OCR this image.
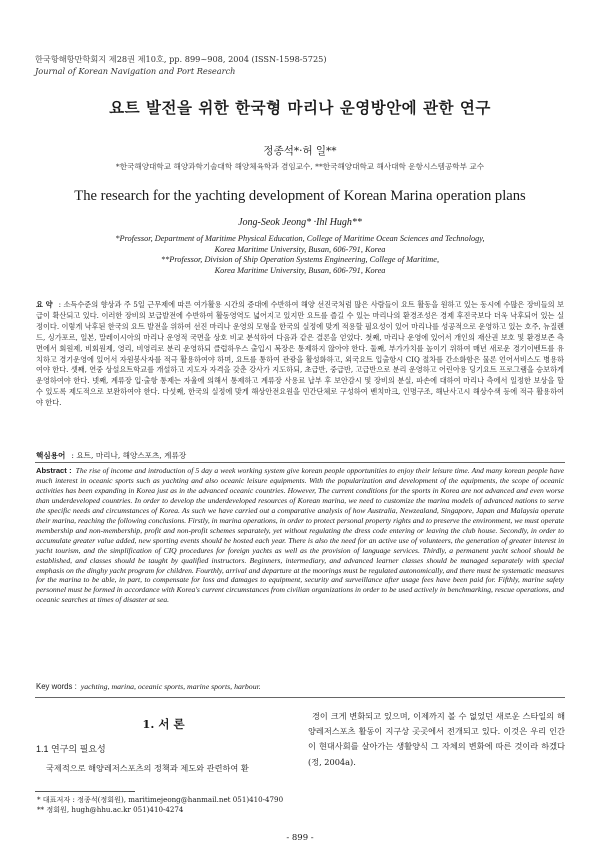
한국항해항만학회지 제28권 제10호, pp. 899~908, 2004 (ISSN-1598-5725)
Journal of Korean Navigation and Port Research
요트 발전을 위한 한국형 마리나 운영방안에 관한 연구
정종석*·허 일**
*한국해양대학교 해양과학기술대학 해양체육학과 겸임교수, **한국해양대학교 해사대학 운항시스템공학부 교수
The research for the yachting development of Korean Marina operation plans
Jong-Seok Jeong* ·Ihl Hugh**
*Professor, Department of Maritime Physical Education, College of Maritime Ocean Sciences and Technology,
Korea Maritime University, Busan, 606-791, Korea
**Professor, Division of Ship Operation Systems Engineering, College of Maritime,
Korea Maritime University, Busan, 606-791, Korea
요 약 : 소득수준의 향상과 주 5일 근무제에 따른 여가활용 시간의 증대에 수반하여 해양 선진국처럼 많은 사람들이 요트 활동을 원하고 있는 동시에 수많은 장비들의 보급이 확산되고 있다. 이러한 장비의 보급발전에 수반하여 활동영역도 넓어지고 있지만 요트를 즐길 수 있는 마리나의 환경조성은 경제 후진국보다 더욱 낙후되어 있는 실정이다. 이렇게 낙후된 한국의 요트 발전을 위하여 선진 마리나 운영의 모형을 한국의 실정에 맞게 적용할 필요성이 있어 마리나를 성공적으로 운영하고 있는 호주, 뉴질랜드, 싱가포르, 일본, 말레이시아의 마리나 운영적 국면을 상호 비교 분석하여 다음과 같은 결론을 얻었다. 첫째, 마리나 운영에 있어서 개인의 재산권 보호 및 환경보존 측면에서 회원제, 비회원제, 영리, 비영리로 분리 운영하되 클럽하우스 출입시 복장은 통제하지 않아야 한다. 둘째, 부가가치를 높이기 위하여 매년 새로운 경기이벤트를 유치하고 경기운영에 있어서 자원봉사자를 적극 활용하여야 하며, 요트를 통하여 관광을 활성화하고, 외국요트 입출항시 CIQ 절차를 간소화함은 물론 언어서비스도 병용하여야 한다. 셋째, 연중 상설요트학교를 개설하고 지도자 자격을 갖춘 강사가 지도하되, 초급반, 중급반, 고급반으로 분리 운영하고 어린아용 딩기요트 프로그램을 승보하게 운영하여야 한다. 넷째, 계류장 입·출항 통제는 자율에 의해서 통제하고 계류장 사용료 납부 후 보안감시 및 장비의 분실, 파손에 대하여 마리나 측에서 일정한 보상을 할 수 있도록 제도적으로 보완하여야 한다. 다섯째, 한국의 실정에 맞게 해상안전요원을 민간단체로 구성하여 벤치마크, 인명구조, 해난사고시 해상수색 등에 적극 활용하여야 한다.
핵심용어 : 요트, 마리나, 해양스포츠, 계류장
Abstract : The rise of income and introduction of 5 day a week working system give korean people opportunities to enjoy their leisure time. And many korean people have much interest in oceanic sports such as yachting and also oceanic leisure equipments. With the popularization and development of the equipments, the scope of oceanic activities has been expanding in Korea just as in the advanced oceanic countries. However, The current conditions for the sports in Korea are not advanced and even worse than underdeveloped countries. In order to develop the underdeveloped resources of Korean marina, we need to customize the marina models of advanced nations to serve the specific needs and circumstances of Korea. As such we have carried out a comparative analysis of how Australia, Newzealand, Singapore, Japan and Malaysia operate their marina, reaching the following conclusions. Firstly, in marina operations, in order to protect personal property rights and to preserve the environment, we must operate membership and non-membership, profit and non-profit schemes separately, yet without regulating the dress code entering or leaving the club house. Secondly, in order to accumulate greater value added, new sporting events should be hosted each year. There is also the need for an active use of volunteers, the generation of greater interest in yacht tourism, and the simplification of CIQ procedures for foreign yachts as well as the provision of language services. Thirdly, a permanent yacht school should be established, and classes should be taught by qualified instructors. Beginners, intermediary, and advanced learner classes should be managed separately with special emphasis on the dinghy yacht program for children. Fourthly, arrival and departure at the moorings must be regulated autonomically, and there must be systematic measures for the marina to be able, in part, to compensate for loss and damages to equipment, security and surveillance after usage fees have been paid for. Fifthly, marine safety personnel must be formed in accordance with Korea's current circumstances from civilian organizations in order to be used actively in benchmarking, rescue operations, and oceanic searches at times of disaster at sea.
Key words : yachting, marina, oceanic sports, marine sports, harbour.
1. 서 론
1.1 연구의 필요성
국제적으로 해양레저스포츠의 정책과 제도와 관련하여 환
경이 크게 변화되고 있으며, 이제까지 볼 수 없었던 새로운 스타일의 해양레저스포츠 활동이 지구상 곳곳에서 전개되고 있다. 이것은 우리 인간이 현대사회를 살아가는 생활양식 그 자체의 변화에 따른 것이라 하겠다(정, 2004a).
* 대표저자 : 정종석(정회원), maritimejeong@hanmail.net 051)410-4790
** 정회원, hugh@hhu.ac.kr 051)410-4274
- 899 -
